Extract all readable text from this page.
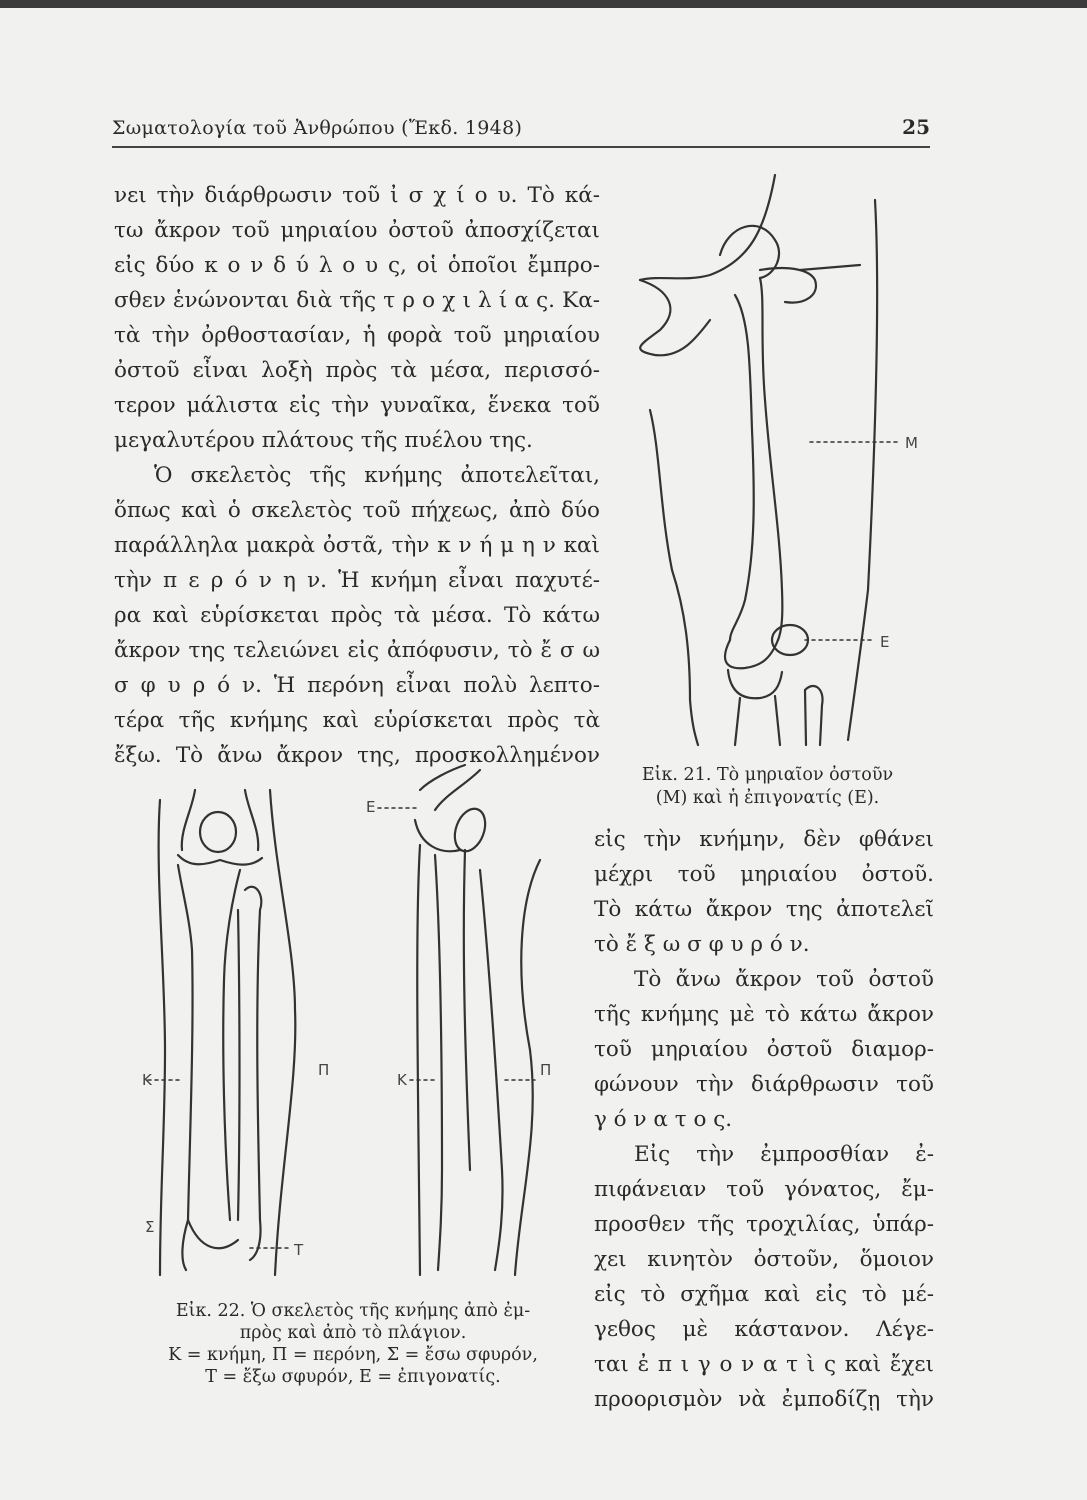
Σωματολογία τοῦ Ἀνθρώπου (Ἔκδ. 1948)	25

νει τὴν διάρθρωσιν τοῦ ἰ σ χ ί ο υ. Τὸ κά-

τω ἄκρον τοῦ μηριαίου ὀστοῦ ἀποσχίζεται

εἰς δύο κ ο ν δ ύ λ ο υ ς, οἱ ὁποῖοι ἔμπρο-

σθεν ἑνώνονται διὰ τῆς τ ρ ο χ ι λ ί α ς. Κα-

τὰ τὴν ὀρθοστασίαν, ἡ φορὰ τοῦ μηριαίου

ὀστοῦ εἶναι λοξὴ πρὸς τὰ μέσα, περισσό-

τερον μάλιστα εἰς τὴν γυναῖκα, ἕνεκα τοῦ

μεγαλυτέρου πλάτους τῆς πυέλου της.

Ὁ σκελετὸς τῆς κνήμης ἀποτελεῖται,

ὅπως καὶ ὁ σκελετὸς τοῦ πήχεως, ἀπὸ δύο

παράλληλα μακρὰ ὀστᾶ, τὴν κ ν ή μ η ν καὶ

τὴν π ε ρ ό ν η ν. Ἡ κνήμη εἶναι παχυτέ-

ρα καὶ εὑρίσκεται πρὸς τὰ μέσα. Τὸ κάτω

ἄκρον της τελειώνει εἰς ἀπόφυσιν, τὸ ἔ σ ω

σ φ υ ρ ό ν. Ἡ περόνη εἶναι πολὺ λεπτο-

τέρα τῆς κνήμης καὶ εὑρίσκεται πρὸς τὰ

ἔξω. Τὸ ἄνω ἄκρον της, προσκολλημένον

Μ
Ε
Εἰκ. 21. Τὸ μηριαῖον ὀστοῦν
(Μ) καὶ ἡ ἐπιγονατίς (Ε).

εἰς τὴν κνήμην, δὲν φθάνει

μέχρι τοῦ μηριαίου ὀστοῦ.

Τὸ κάτω ἄκρον της ἀποτελεῖ

τὸ ἔ ξ ω σ φ υ ρ ό ν.

Τὸ ἄνω ἄκρον τοῦ ὀστοῦ

τῆς κνήμης μὲ τὸ κάτω ἄκρον

τοῦ μηριαίου ὀστοῦ διαμορ-

φώνουν τὴν διάρθρωσιν τοῦ

γ ό ν α τ ο ς.

Εἰς τὴν ἐμπροσθίαν ἐ-

πιφάνειαν τοῦ γόνατος, ἔμ-

προσθεν τῆς τροχιλίας, ὑπάρ-

χει κινητὸν ὀστοῦν, ὅμοιον

εἰς τὸ σχῆμα καὶ εἰς τὸ μέ-

γεθος μὲ κάστανον. Λέγε-

ται ἐ π ι γ ο ν α τ ὶ ς καὶ ἔχει

προορισμὸν νὰ ἐμποδίζῃ τὴν

Κ
Π
Σ
Τ
Ε
Κ
Π
Εἰκ. 22. Ὁ σκελετὸς τῆς κνήμης ἀπὸ ἐμ-
πρὸς καὶ ἀπὸ τὸ πλάγιον.
Κ = κνήμη, Π = περόνη, Σ = ἔσω σφυρόν,
Τ = ἔξω σφυρόν, Ε = ἐπιγονατίς.
